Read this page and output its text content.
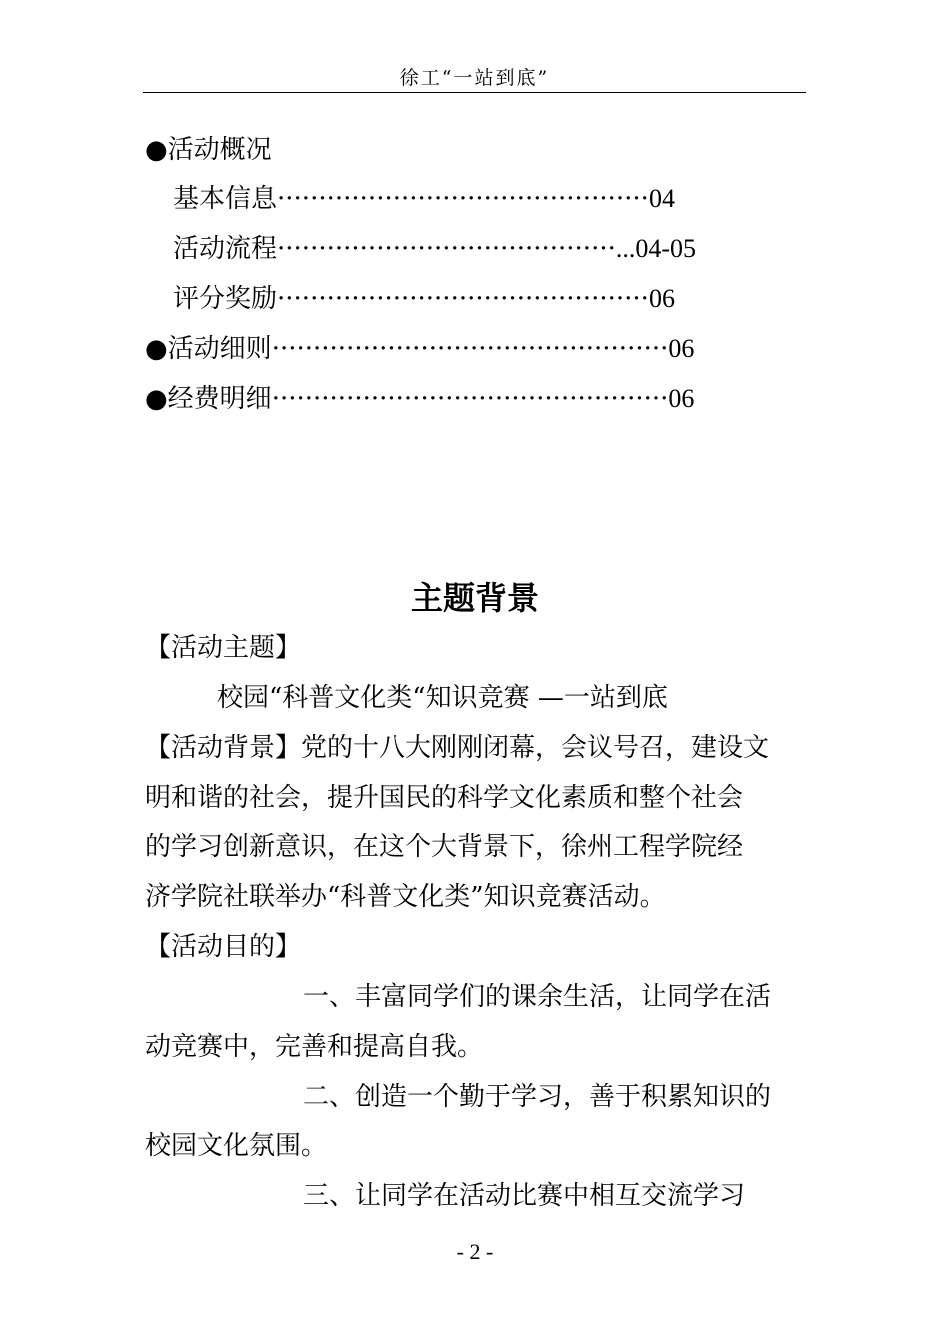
徐工“一站到底”
●活动概况
基本信息·············································04
活动流程·········································...04-05
评分奖励·············································06
●活动细则················································06
●经费明细················································06
主题背景
【活动主题】
校园“科普文化类“知识竞赛 —一站到底
【活动背景】党的十八大刚刚闭幕，会议号召，建设文
明和谐的社会，提升国民的科学文化素质和整个社会
的学习创新意识，在这个大背景下，徐州工程学院经
济学院社联举办“科普文化类”知识竞赛活动。
【活动目的】
一、丰富同学们的课余生活，让同学在活
动竞赛中，完善和提高自我。
二、创造一个勤于学习，善于积累知识的
校园文化氛围。
三、让同学在活动比赛中相互交流学习
- 2 -
